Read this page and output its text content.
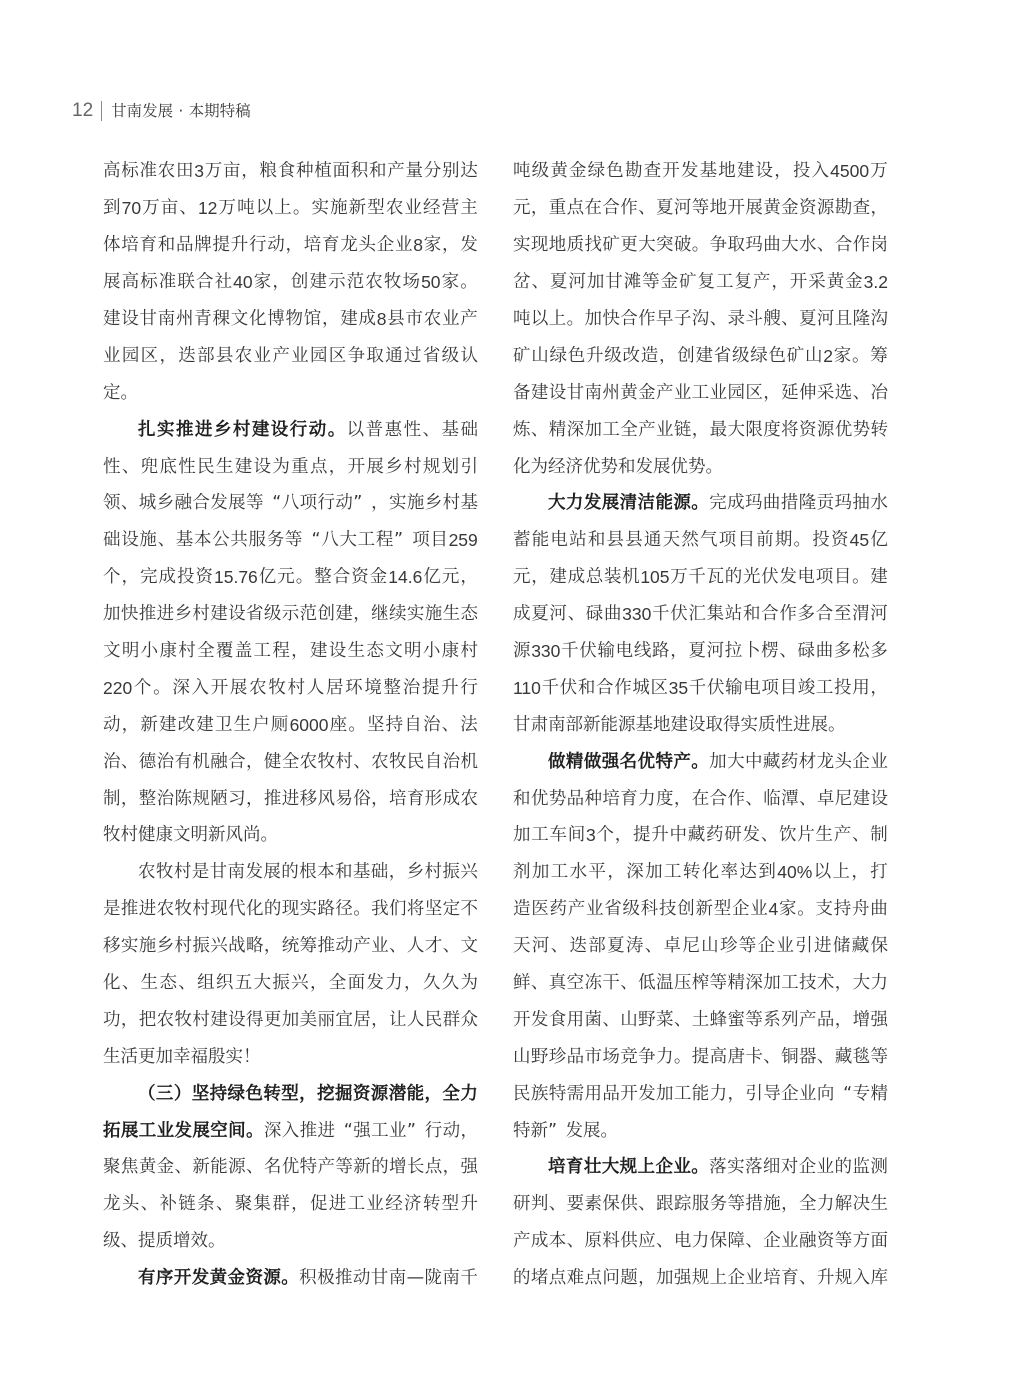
12 甘 南 发 展 · 本 期 特 稿
高 标 准 农 田 3 万 亩 ， 粮 食 种 植 面 积 和 产 量 分 别 达
到 70 万 亩 、 12 万 吨 以 上 。 实 施 新 型 农 业 经 营 主
体 培 育 和 品 牌 提 升 行 动 ， 培 育 龙 头 企 业 8 家 ， 发
展 高 标 准 联 合 社 40 家 ， 创 建 示 范 农 牧 场 50 家 。
建 设 甘 南 州 青 稞 文 化 博 物 馆 ， 建 成 8 县 市 农 业 产
业 园 区 ， 迭 部 县 农 业 产 业 园 区 争 取 通 过 省 级 认
定 。
扎 实 推 进 乡 村 建 设 行 动 。 以 普 惠 性 、 基 础
性 、 兜 底 性 民 生 建 设 为 重 点 ， 开 展 乡 村 规 划 引
领 、 城 乡 融 合 发 展 等 “ 八 项 行 动 ” ， 实 施 乡 村 基
础 设 施 、 基 本 公 共 服 务 等 “ 八 大 工 程 ” 项 目 259
个 ， 完 成 投 资 15.76 亿 元 。 整 合 资 金 14.6 亿 元 ，
加 快 推 进 乡 村 建 设 省 级 示 范 创 建 ， 继 续 实 施 生 态
文 明 小 康 村 全 覆 盖 工 程 ， 建 设 生 态 文 明 小 康 村
220 个 。 深 入 开 展 农 牧 村 人 居 环 境 整 治 提 升 行
动 ， 新 建 改 建 卫 生 户 厕 6000 座 。 坚 持 自 治 、 法
治 、 德 治 有 机 融 合 ， 健 全 农 牧 村 、 农 牧 民 自 治 机
制 ， 整 治 陈 规 陋 习 ， 推 进 移 风 易 俗 ， 培 育 形 成 农
牧 村 健 康 文 明 新 风 尚 。
农 牧 村 是 甘 南 发 展 的 根 本 和 基 础 ， 乡 村 振 兴
是 推 进 农 牧 村 现 代 化 的 现 实 路 径 。 我 们 将 坚 定 不
移 实 施 乡 村 振 兴 战 略 ， 统 筹 推 动 产 业 、 人 才 、 文
化 、 生 态 、 组 织 五 大 振 兴 ， 全 面 发 力 ， 久 久 为
功 ， 把 农 牧 村 建 设 得 更 加 美 丽 宜 居 ， 让 人 民 群 众
生 活 更 加 幸 福 殷 实 ！
（ 三 ） 坚 持 绿 色 转 型 ， 挖 掘 资 源 潜 能 ， 全 力
拓 展 工 业 发 展 空 间 。 深 入 推 进 “ 强 工 业 ” 行 动 ，
聚 焦 黄 金 、 新 能 源 、 名 优 特 产 等 新 的 增 长 点 ， 强
龙 头 、 补 链 条 、 聚 集 群 ， 促 进 工 业 经 济 转 型 升
级 、 提 质 增 效 。
有 序 开 发 黄 金 资 源 。 积 极 推 动 甘 南 — 陇 南 千
吨 级 黄 金 绿 色 勘 查 开 发 基 地 建 设 ， 投 入 4500 万
元 ， 重 点 在 合 作 、 夏 河 等 地 开 展 黄 金 资 源 勘 查 ，
实 现 地 质 找 矿 更 大 突 破 。 争 取 玛 曲 大 水 、 合 作 岗
岔 、 夏 河 加 甘 滩 等 金 矿 复 工 复 产 ， 开 采 黄 金 3.2
吨 以 上 。 加 快 合 作 早 子 沟 、 录 斗 艘 、 夏 河 且 隆 沟
矿 山 绿 色 升 级 改 造 ， 创 建 省 级 绿 色 矿 山 2 家 。 筹
备 建 设 甘 南 州 黄 金 产 业 工 业 园 区 ， 延 伸 采 选 、 冶
炼 、 精 深 加 工 全 产 业 链 ， 最 大 限 度 将 资 源 优 势 转
化 为 经 济 优 势 和 发 展 优 势 。
大 力 发 展 清 洁 能 源 。 完 成 玛 曲 措 隆 贡 玛 抽 水
蓄 能 电 站 和 县 县 通 天 然 气 项 目 前 期 。 投 资 45 亿
元 ， 建 成 总 装 机 105 万 千 瓦 的 光 伏 发 电 项 目 。 建
成 夏 河 、 碌 曲 330 千 伏 汇 集 站 和 合 作 多 合 至 渭 河
源 330 千 伏 输 电 线 路 ， 夏 河 拉 卜 楞 、 碌 曲 多 松 多
110 千 伏 和 合 作 城 区 35 千 伏 输 电 项 目 竣 工 投 用 ，
甘 肃 南 部 新 能 源 基 地 建 设 取 得 实 质 性 进 展 。
做 精 做 强 名 优 特 产 。 加 大 中 藏 药 材 龙 头 企 业
和 优 势 品 种 培 育 力 度 ， 在 合 作 、 临 潭 、 卓 尼 建 设
加 工 车 间 3 个 ， 提 升 中 藏 药 研 发 、 饮 片 生 产 、 制
剂 加 工 水 平 ， 深 加 工 转 化 率 达 到 40% 以 上 ， 打
造 医 药 产 业 省 级 科 技 创 新 型 企 业 4 家 。 支 持 舟 曲
天 河 、 迭 部 夏 涛 、 卓 尼 山 珍 等 企 业 引 进 储 藏 保
鲜 、 真 空 冻 干 、 低 温 压 榨 等 精 深 加 工 技 术 ， 大 力
开 发 食 用 菌 、 山 野 菜 、 土 蜂 蜜 等 系 列 产 品 ， 增 强
山 野 珍 品 市 场 竞 争 力 。 提 高 唐 卡 、 铜 器 、 藏 毯 等
民 族 特 需 用 品 开 发 加 工 能 力 ， 引 导 企 业 向 “ 专 精
特 新 ” 发 展 。
培 育 壮 大 规 上 企 业 。 落 实 落 细 对 企 业 的 监 测
研 判 、 要 素 保 供 、 跟 踪 服 务 等 措 施 ， 全 力 解 决 生
产 成 本 、 原 料 供 应 、 电 力 保 障 、 企 业 融 资 等 方 面
的 堵 点 难 点 问 题 ， 加 强 规 上 企 业 培 育 、 升 规 入 库
